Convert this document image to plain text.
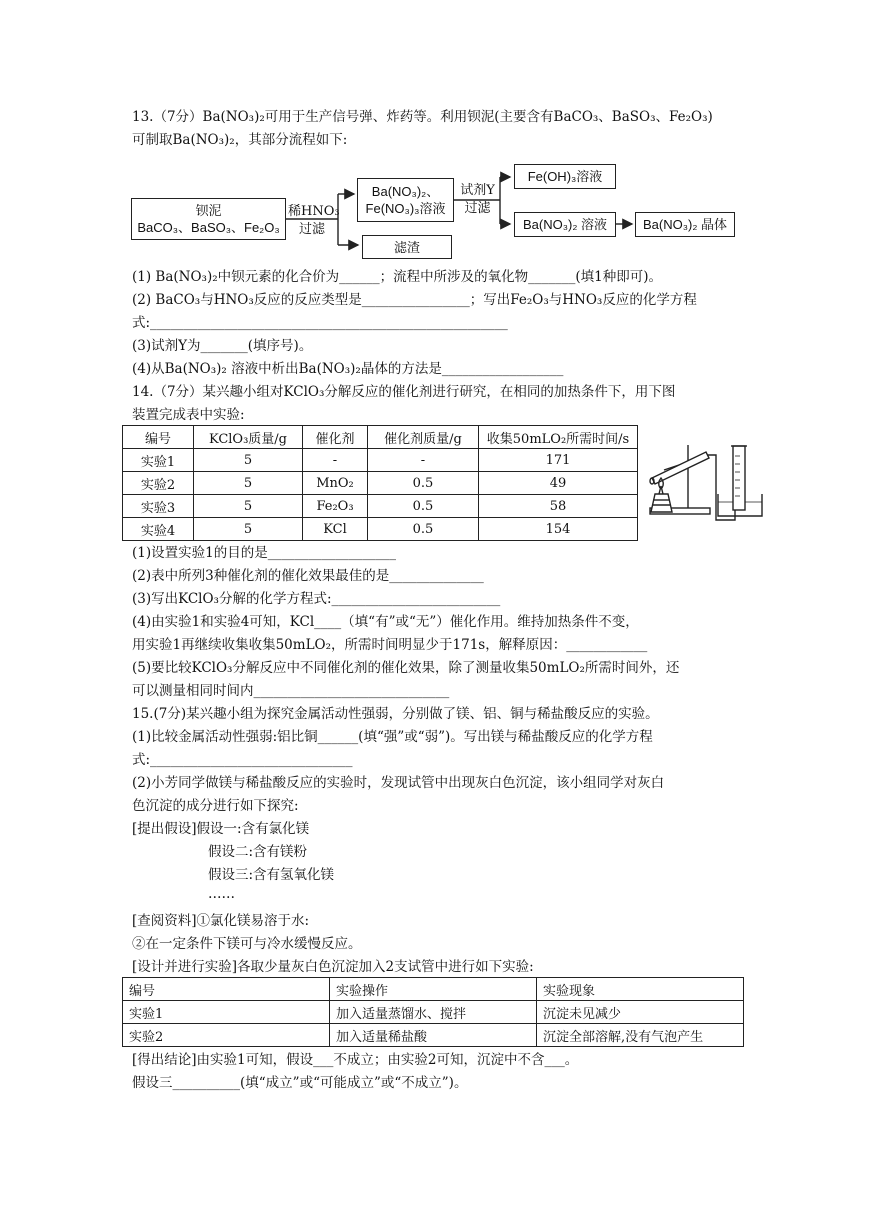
13.（7分）Ba(NO₃)₂可用于生产信号弹、炸药等。利用钡泥(主要含有BaCO₃、BaSO₃、Fe₂O₃)
可制取Ba(NO₃)₂，其部分流程如下:
钡泥
BaCO₃、BaSO₃、Fe₂O₃
稀HNO₃
过滤
Ba(NO₃)₂、
Fe(NO₃)₃溶液
滤渣
试剂Y
过滤
Fe(OH)₃溶液
Ba(NO₃)₂ 溶液	Ba(NO₃)₂ 晶体
(1) Ba(NO₃)₂中钡元素的化合价为______；流程中所涉及的氧化物_______(填1种即可)。
(2) BaCO₃与HNO₃反应的反应类型是________________；写出Fe₂O₃与HNO₃反应的化学方程
式:_____________________________________________________
(3)试剂Y为_______(填序号)。
(4)从Ba(NO₃)₂ 溶液中析出Ba(NO₃)₂晶体的方法是__________________
14.（7分）某兴趣小组对KClO₃分解反应的催化剂进行研究，在相同的加热条件下，用下图
装置完成表中实验:
编号	KClO₃质量/g	催化剂	催化剂质量/g	收集50mLO₂所需时间/s
实验1	5	-	-	171
实验2	5	MnO₂	0.5	49
实验3	5	Fe₂O₃	0.5	58
实验4	5	KCl	0.5	154
(1)设置实验1的目的是___________________
(2)表中所列3种催化剂的催化效果最佳的是______________
(3)写出KClO₃分解的化学方程式:_________________________
(4)由实验1和实验4可知，KCl____（填“有”或“无”）催化作用。维持加热条件不变，
用实验1再继续收集收集50mLO₂，所需时间明显少于171s，解释原因：____________
(5)要比较KClO₃分解反应中不同催化剂的催化效果，除了测量收集50mLO₂所需时间外，还
可以测量相同时间内_____________________________
15.(7分)某兴趣小组为探究金属活动性强弱，分别做了镁、铝、铜与稀盐酸反应的实验。
(1)比较金属活动性强弱:铝比铜______(填“强”或“弱”)。写出镁与稀盐酸反应的化学方程
式:______________________________
(2)小芳同学做镁与稀盐酸反应的实验时，发现试管中出现灰白色沉淀，该小组同学对灰白
色沉淀的成分进行如下探究:
[提出假设]假设一:含有氯化镁
假设二:含有镁粉
假设三:含有氢氧化镁
……
[查阅资料]①氯化镁易溶于水:
②在一定条件下镁可与冷水缓慢反应。
[设计并进行实验]各取少量灰白色沉淀加入2支试管中进行如下实验:
编号	实验操作	实验现象
实验1	加入适量蒸馏水、搅拌	沉淀未见减少
实验2	加入适量稀盐酸	沉淀全部溶解,没有气泡产生
[得出结论]由实验1可知，假设___不成立；由实验2可知，沉淀中不含___。
假设三__________(填“成立”或“可能成立”或“不成立”)。
